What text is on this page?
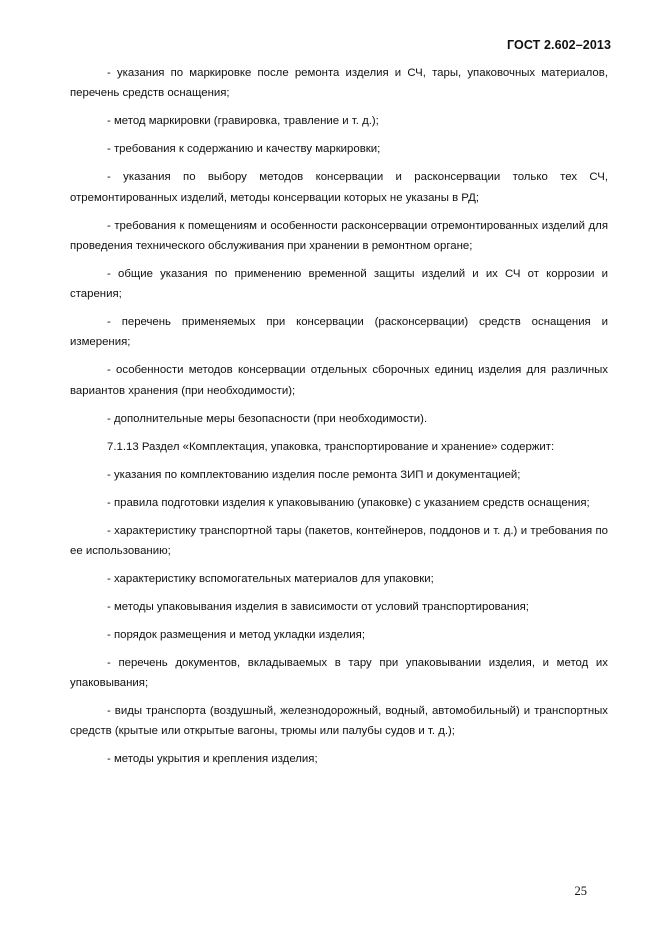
ГОСТ 2.602–2013

- указания по маркировке после ремонта изделия и СЧ, тары, упаковочных материалов, перечень средств оснащения;

- метод маркировки (гравировка, травление и т. д.);

- требования к содержанию и качеству маркировки;

- указания по выбору методов консервации и расконсервации только тех СЧ, отремонтированных изделий, методы консервации которых не указаны в РД;

- требования к помещениям и особенности расконсервации отремонтированных изделий для проведения технического обслуживания при хранении в ремонтном органе;

- общие указания по применению временной защиты изделий и их СЧ от коррозии и старения;

- перечень применяемых при консервации (расконсервации) средств оснащения и измерения;

- особенности методов консервации отдельных сборочных единиц изделия для различных вариантов хранения (при необходимости);

- дополнительные меры безопасности (при необходимости).

7.1.13 Раздел «Комплектация, упаковка, транспортирование и хранение» содержит:

- указания по комплектованию изделия после ремонта ЗИП и документацией;

- правила подготовки изделия к упаковыванию (упаковке) с указанием средств оснащения;

- характеристику транспортной тары (пакетов, контейнеров, поддонов и т. д.) и требования по ее использованию;

- характеристику вспомогательных материалов для упаковки;

- методы упаковывания изделия в зависимости от условий транспортирования;

- порядок размещения и метод укладки изделия;

- перечень документов, вкладываемых в тару при упаковывании изделия, и метод их упаковывания;

- виды транспорта (воздушный, железнодорожный, водный, автомобильный) и транспортных средств (крытые или открытые вагоны, трюмы или палубы судов и т. д.);

- методы укрытия и крепления изделия;

25
